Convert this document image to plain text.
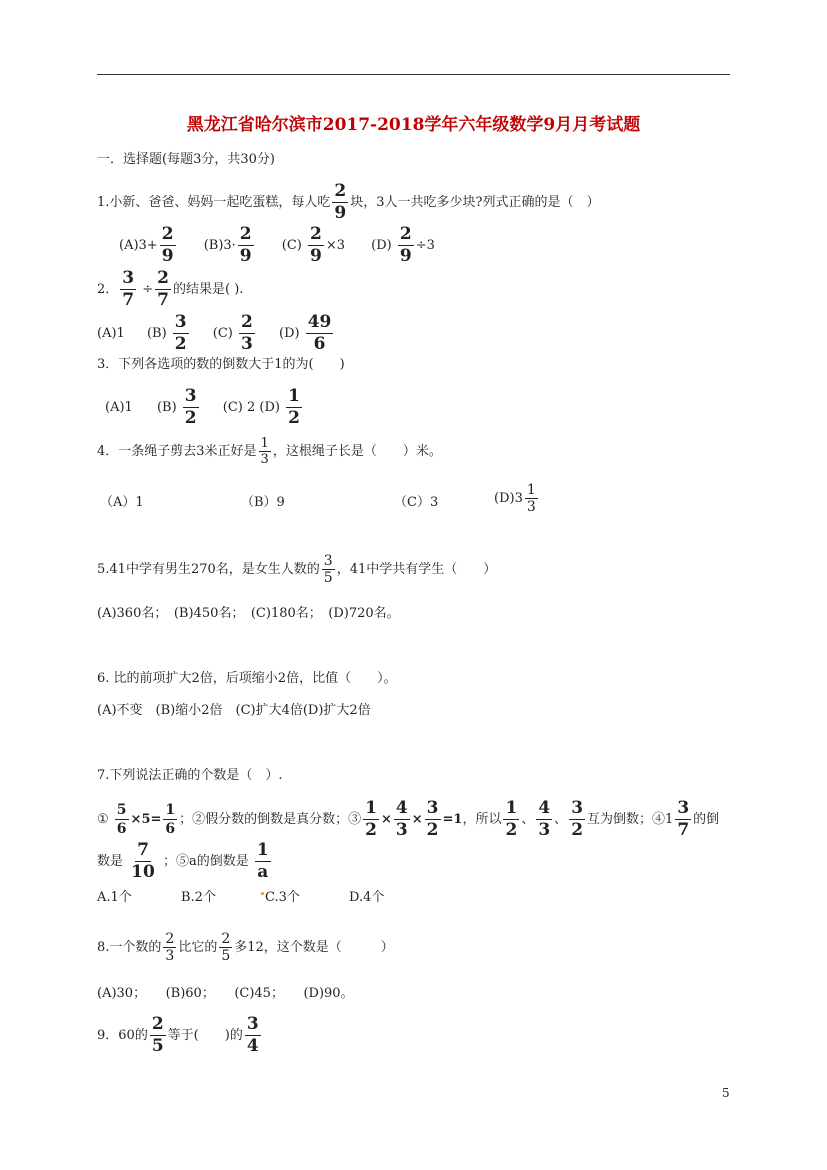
黑龙江省哈尔滨市2017-2018学年六年级数学9月月考试题
一．选择题(每题3分，共30分)
1.小新、爸爸、妈妈一起吃蛋糕，每人吃 $\frac{2}{9}$ 块，3人一共吃多少块?列式正确的是（　）
$(A)3+ \frac{2}{9} (B)3\cdot \frac{2}{9} (C) \frac{2}{9} \times 3$ $(D) \frac{2}{9} \div 3$
2． $\frac{3}{7} \div \frac{2}{7}$ 的结果是( ).
(A)1 $(B) \frac{3}{2} (C) \frac{2}{3} (D) \frac{49}{6}$
3．下列各选项的数的倒数大于1的为(　　)
(A)1 $(B) \frac{3}{2} (C)$ 2 $(D) \frac{1}{2}$
4．一条绳子剪去3米正好是 $\frac{1}{3}$ ，这根绳子长是（　　）米。
（A）1	（B）9	（C）3	$(D)3 \frac{1}{3}$
5.41中学有男生270名，是女生人数的 $\frac{3}{5}$ ，41中学共有学生（　　）
(A)360名；　(B)450名；　(C)180名；　(D)720名。
6. 比的前项扩大2倍，后项缩小2倍，比值（　　）。
(A)不变　(B)缩小2倍　(C)扩大4倍(D)扩大2倍
7.下列说法正确的个数是（　）.
① $\frac{5}{6} \times 5= \frac{1}{6}$ ；②假分数的倒数是真分数；③ $\frac{1}{2} \times \frac{4}{3} \times \frac{3}{2} =1$，所以 $\frac{1}{2}$ 、 $\frac{4}{3}$ 、 $\frac{3}{2}$ 互为倒数；④1 $\frac{3}{7}$ 的倒
数是 $\frac{7}{10}$ ；⑤a的倒数是 $\frac{1}{a}$
A.1个	B.2个	C.3个	D.4个
8.一个数的 $\frac{2}{3}$ 比它的 $\frac{2}{5}$ 多12，这个数是（　　　）
(A)30；　　(B)60；　　(C)45；　　(D)90。
9．60的 $\frac{2}{5}$ 等于(　　)的 $\frac{3}{4}$
5
